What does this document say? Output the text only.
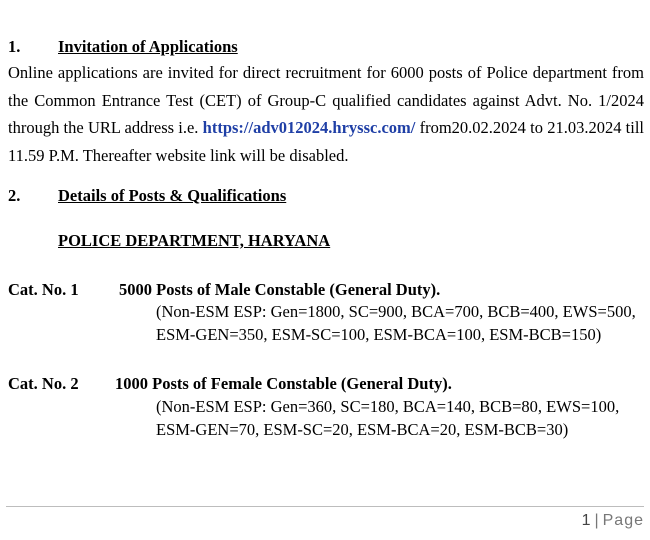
1. Invitation of Applications
Online applications are invited for direct recruitment for 6000 posts of Police department from
the Common Entrance Test (CET) of Group-C qualified candidates against Advt. No. 1/2024
through the URL address i.e. https://adv012024.hryssc.com/ from20.02.2024 to 21.03.2024 till
11.59 P.M. Thereafter website link will be disabled.
2. Details of Posts & Qualifications
POLICE DEPARTMENT, HARYANA
Cat. No. 1 5000 Posts of Male Constable (General Duty).
(Non-ESM ESP: Gen=1800, SC=900, BCA=700, BCB=400, EWS=500,
ESM-GEN=350, ESM-SC=100, ESM-BCA=100, ESM-BCB=150)
Cat. No. 2 1000 Posts of Female Constable (General Duty).
(Non-ESM ESP: Gen=360, SC=180, BCA=140, BCB=80, EWS=100,
ESM-GEN=70, ESM-SC=20, ESM-BCA=20, ESM-BCB=30)
1 | Page
